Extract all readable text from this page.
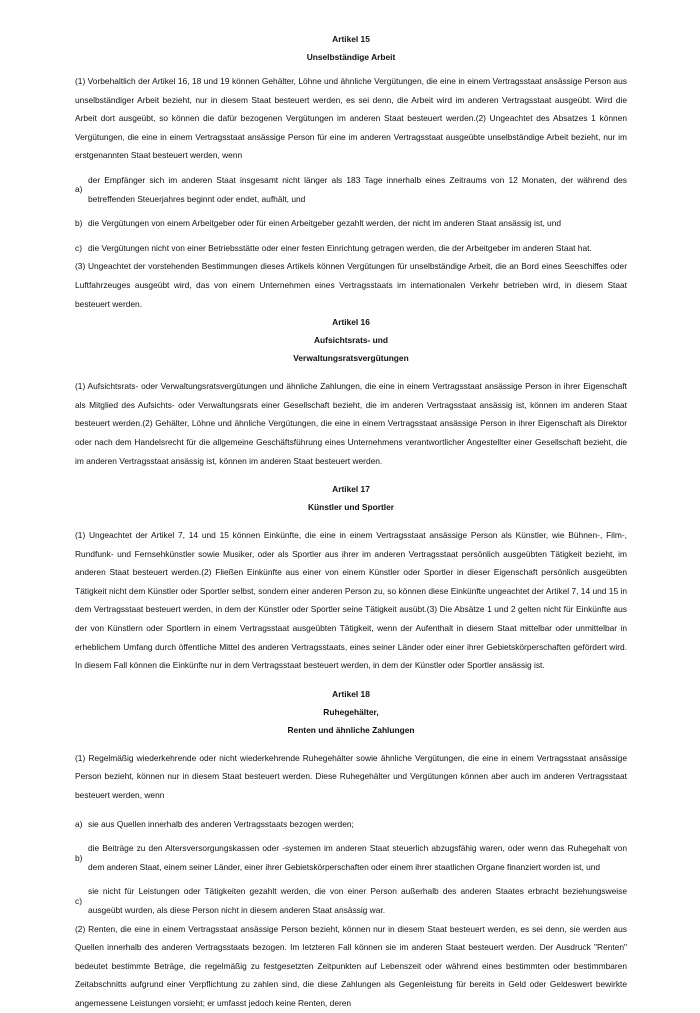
Artikel 15

Unselbständige Arbeit

(1) Vorbehaltlich der Artikel 16, 18 und 19 können Gehälter, Löhne und ähnliche Vergütungen, die eine in einem Vertragsstaat ansässige Person aus unselbständiger Arbeit bezieht, nur in diesem Staat besteuert werden, es sei denn, die Arbeit wird im anderen Vertragsstaat ausgeübt. Wird die Arbeit dort ausgeübt, so können die dafür bezogenen Vergütungen im anderen Staat besteuert werden.(2) Ungeachtet des Absatzes 1 können Vergütungen, die eine in einem Vertragsstaat ansässige Person für eine im anderen Vertragsstaat ausgeübte unselbständige Arbeit bezieht, nur im erstgenannten Staat besteuert werden, wenn

a)
der Empfänger sich im anderen Staat insgesamt nicht länger als 183 Tage innerhalb eines Zeitraums von 12 Monaten, der während des betreffenden Steuerjahres beginnt oder endet, aufhält, und
b) die Vergütungen von einem Arbeitgeber oder für einen Arbeitgeber gezahlt werden, der nicht im anderen Staat ansässig ist, und
c) die Vergütungen nicht von einer Betriebsstätte oder einer festen Einrichtung getragen werden, die der Arbeitgeber im anderen Staat hat.

(3) Ungeachtet der vorstehenden Bestimmungen dieses Artikels können Vergütungen für unselbständige Arbeit, die an Bord eines Seeschiffes oder Luftfahrzeuges ausgeübt wird, das von einem Unternehmen eines Vertragsstaats im internationalen Verkehr betrieben wird, in diesem Staat besteuert werden.

Artikel 16

Aufsichtsrats- und

Verwaltungsratsvergütungen

(1) Aufsichtsrats- oder Verwaltungsratsvergütungen und ähnliche Zahlungen, die eine in einem Vertragsstaat ansässige Person in ihrer Eigenschaft als Mitglied des Aufsichts- oder Verwaltungsrats einer Gesellschaft bezieht, die im anderen Vertragsstaat ansässig ist, können im anderen Staat besteuert werden.(2) Gehälter, Löhne und ähnliche Vergütungen, die eine in einem Vertragsstaat ansässige Person in ihrer Eigenschaft als Direktor oder nach dem Handelsrecht für die allgemeine Geschäftsführung eines Unternehmens verantwortlicher Angestellter einer Gesellschaft bezieht, die im anderen Vertragsstaat ansässig ist, können im anderen Staat besteuert werden.

Artikel 17

Künstler und Sportler

(1) Ungeachtet der Artikel 7, 14 und 15 können Einkünfte, die eine in einem Vertragsstaat ansässige Person als Künstler, wie Bühnen-, Film-, Rundfunk- und Fernsehkünstler sowie Musiker, oder als Sportler aus ihrer im anderen Vertragsstaat persönlich ausgeübten Tätigkeit bezieht, im anderen Staat besteuert werden.(2) Fließen Einkünfte aus einer von einem Künstler oder Sportler in dieser Eigenschaft persönlich ausgeübten Tätigkeit nicht dem Künstler oder Sportler selbst, sondern einer anderen Person zu, so können diese Einkünfte ungeachtet der Artikel 7, 14 und 15 in dem Vertragsstaat besteuert werden, in dem der Künstler oder Sportler seine Tätigkeit ausübt.(3) Die Absätze 1 und 2 gelten nicht für Einkünfte aus der von Künstlern oder Sportlern in einem Vertragsstaat ausgeübten Tätigkeit, wenn der Aufenthalt in diesem Staat mittelbar oder unmittelbar in erheblichem Umfang durch öffentliche Mittel des anderen Vertragsstaats, eines seiner Länder oder einer ihrer Gebietskörperschaften gefördert wird. In diesem Fall können die Einkünfte nur in dem Vertragsstaat besteuert werden, in dem der Künstler oder Sportler ansässig ist.

Artikel 18

Ruhegehälter,

Renten und ähnliche Zahlungen

(1) Regelmäßig wiederkehrende oder nicht wiederkehrende Ruhegehälter sowie ähnliche Vergütungen, die eine in einem Vertragsstaat ansässige Person bezieht, können nur in diesem Staat besteuert werden. Diese Ruhegehälter und Vergütungen können aber auch im anderen Vertragsstaat besteuert werden, wenn

a) sie aus Quellen innerhalb des anderen Vertragsstaats bezogen werden;
b)
die Beiträge zu den Altersversorgungskassen oder -systemen im anderen Staat steuerlich abzugsfähig waren, oder wenn das Ruhegehalt von dem anderen Staat, einem seiner Länder, einer ihrer Gebietskörperschaften oder einem ihrer staatlichen Organe finanziert worden ist, und
c)
sie nicht für Leistungen oder Tätigkeiten gezahlt werden, die von einer Person außerhalb des anderen Staates erbracht beziehungsweise ausgeübt wurden, als diese Person nicht in diesem anderen Staat ansässig war.

(2) Renten, die eine in einem Vertragsstaat ansässige Person bezieht, können nur in diesem Staat besteuert werden, es sei denn, sie werden aus Quellen innerhalb des anderen Vertragsstaats bezogen. Im letzteren Fall können sie im anderen Staat besteuert werden. Der Ausdruck "Renten" bedeutet bestimmte Beträge, die regelmäßig zu festgesetzten Zeitpunkten auf Lebenszeit oder während eines bestimmten oder bestimmbaren Zeitabschnitts aufgrund einer Verpflichtung zu zahlen sind, die diese Zahlungen als Gegenleistung für bereits in Geld oder Geldeswert bewirkte angemessene Leistungen vorsieht; er umfasst jedoch keine Renten, deren
